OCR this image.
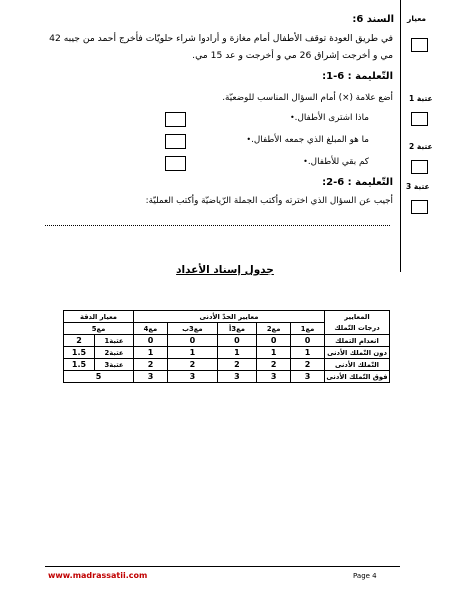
معيار
عتبة 1
عتبة 2
عتبة 3
السند 6:
في طريق العودة توقف الأطفال أمام مغازة و أرادوا شراء حلويّات فأخرج أحمد من جيبه 42 مي و أخرجت إشراق 26 مي و أخرجت و عد 15 مي.
التّعليمة : 6-1:
أضع علامة (×) أمام السؤال المناسب للوضعيّة.
ماذا اشترى الأطفال.•
ما هو المبلغ الذي جمعه الأطفال.•
كم بقي للأطفال.•
التّعليمة : 6-2:
أجيب عن السؤال الذي اخترته وأكتب الجملة الرّياضيّة وأكتب العمليّة:
جدول إسناد الأعداد
المعايير	معايير الحدّ الأدنى					معيار الدقة	
درجات التّملك	مع1	مع2	مع3أ	مع3ب	مع4	مع5	
انعدام التملك	0	0	0	0	0	عتبة1	2
دون التّملك الأدنى	1	1	1	1	1	عتبة2	1.5
التّملك الأدنى	2	2	2	2	2	عتبة3	1.5
فوق التّملك الأدنى	3	3	3	3	3	5	
www.madrassatii.com	Page 4
